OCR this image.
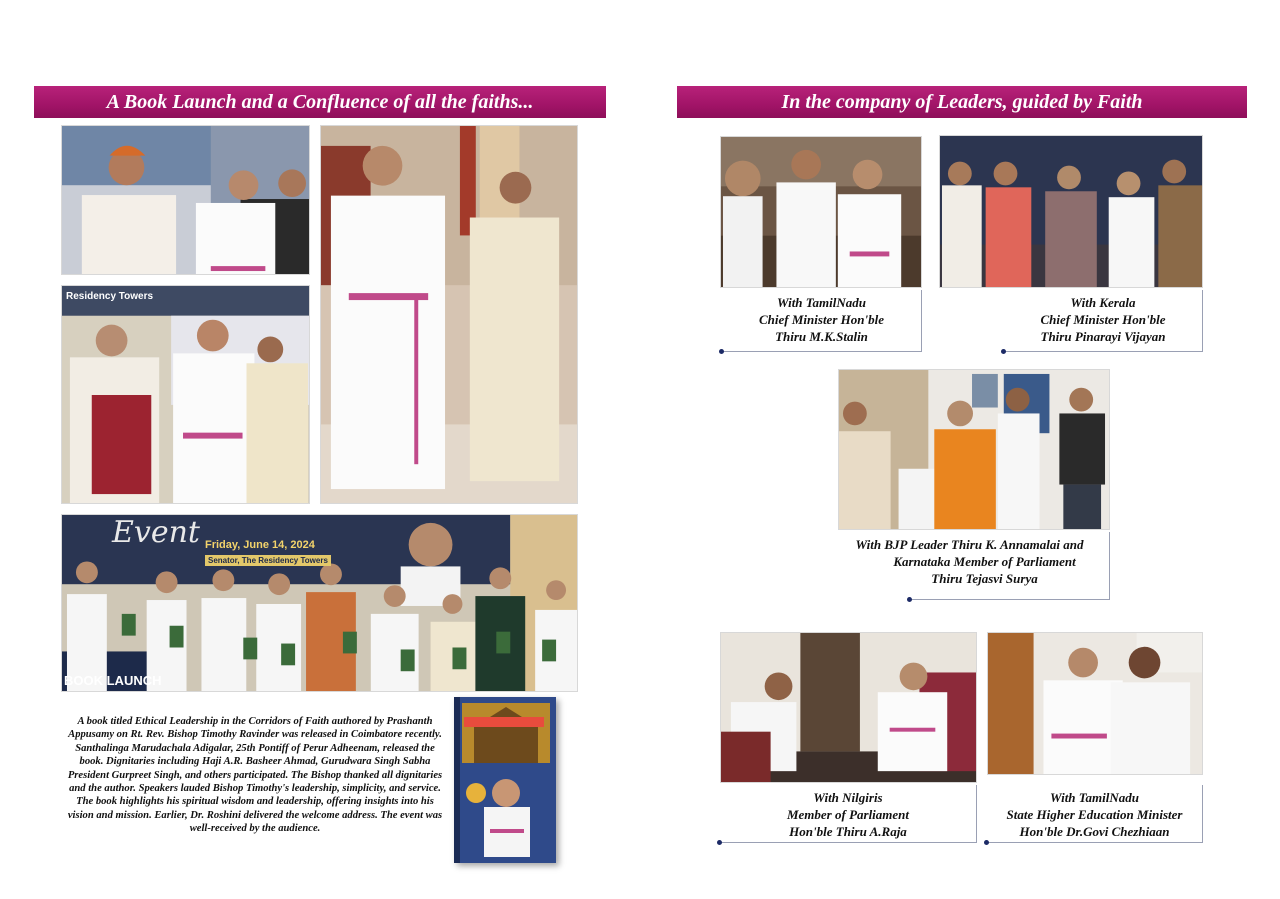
A Book Launch and a Confluence of all the faiths...
Residency Towers
Event Friday, June 14, 2024
Senator, The Residency Towers
BOOK LAUNCH
A book titled Ethical Leadership in the Corridors of Faith authored by Prashanth Appusamy on Rt. Rev. Bishop Timothy Ravinder was released in Coimbatore recently. Santhalinga Marudachala Adigalar, 25th Pontiff of Perur Adheenam, released the book. Dignitaries including Haji A.R. Basheer Ahmad, Gurudwara Singh Sabha President Gurpreet Singh, and others participated. The Bishop thanked all dignitaries and the author. Speakers lauded Bishop Timothy's leadership, simplicity, and service. The book highlights his spiritual wisdom and leadership, offering insights into his vision and mission. Earlier, Dr. Roshini delivered the welcome address. The event was well-received by the audience.
In the company of Leaders, guided by Faith
With TamilNadu
Chief Minister Hon'ble
Thiru M.K.Stalin
With Kerala
Chief Minister Hon'ble
Thiru Pinarayi Vijayan
With BJP Leader Thiru K. Annamalai and
Karnataka Member of Parliament
Thiru Tejasvi Surya
With Nilgiris
Member of Parliament
Hon'ble Thiru A.Raja
With TamilNadu
State Higher Education Minister
Hon'ble Dr.Govi Chezhiaan
